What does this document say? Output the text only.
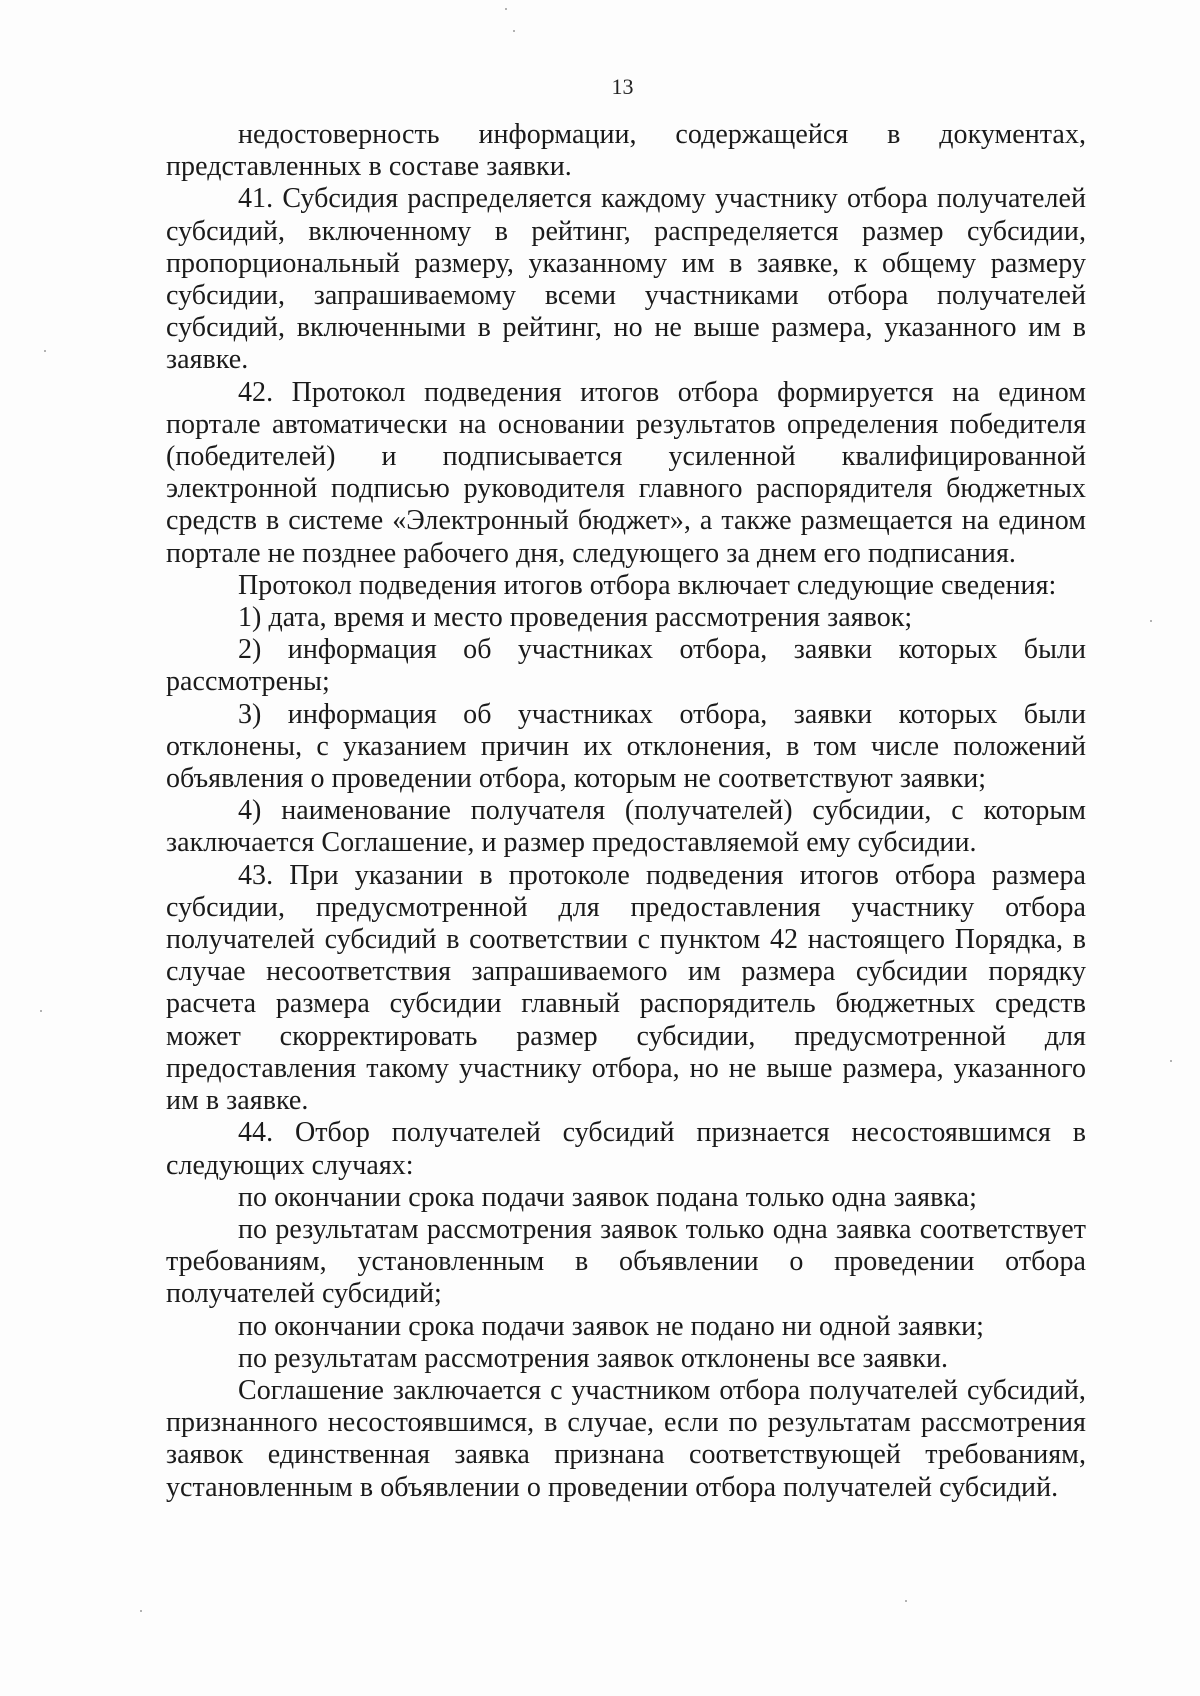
13

недостоверность информации, содержащейся в документах, представленных в составе заявки.

41. Субсидия распределяется каждому участнику отбора получателей субсидий, включенному в рейтинг, распределяется размер субсидии, пропорциональный размеру, указанному им в заявке, к общему размеру субсидии, запрашиваемому всеми участниками отбора получателей субсидий, включенными в рейтинг, но не выше размера, указанного им в заявке.

42. Протокол подведения итогов отбора формируется на едином портале автоматически на основании результатов определения победителя (победителей) и подписывается усиленной квалифицированной электронной подписью руководителя главного распорядителя бюджетных средств в системе «Электронный бюджет», а также размещается на едином портале не позднее рабочего дня, следующего за днем его подписания.

Протокол подведения итогов отбора включает следующие сведения:

1) дата, время и место проведения рассмотрения заявок;

2) информация об участниках отбора, заявки которых были рассмотрены;

3) информация об участниках отбора, заявки которых были отклонены, с указанием причин их отклонения, в том числе положений объявления о проведении отбора, которым не соответствуют заявки;

4) наименование получателя (получателей) субсидии, с которым заключается Соглашение, и размер предоставляемой ему субсидии.

43. При указании в протоколе подведения итогов отбора размера субсидии, предусмотренной для предоставления участнику отбора получателей субсидий в соответствии с пунктом 42 настоящего Порядка, в случае несоответствия запрашиваемого им размера субсидии порядку расчета размера субсидии главный распорядитель бюджетных средств может скорректировать размер субсидии, предусмотренной для предоставления такому участнику отбора, но не выше размера, указанного им в заявке.

44. Отбор получателей субсидий признается несостоявшимся в следующих случаях:

по окончании срока подачи заявок подана только одна заявка;

по результатам рассмотрения заявок только одна заявка соответствует требованиям, установленным в объявлении о проведении отбора получателей субсидий;

по окончании срока подачи заявок не подано ни одной заявки;

по результатам рассмотрения заявок отклонены все заявки.

Соглашение заключается с участником отбора получателей субсидий, признанного несостоявшимся, в случае, если по результатам рассмотрения заявок единственная заявка признана соответствующей требованиям, установленным в объявлении о проведении отбора получателей субсидий.
